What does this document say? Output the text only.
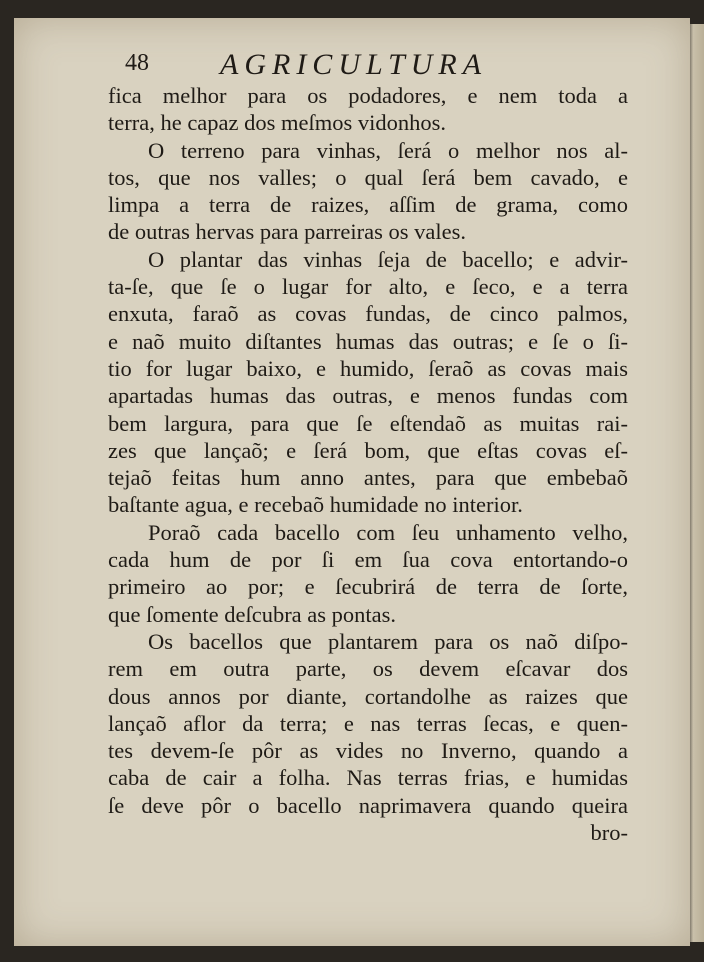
48 AGRICULTURA
fica melhor para os podadores, e nem toda a
terra, he capaz dos meſmos vidonhos.
O terreno para vinhas, ſerá o melhor nos al-
tos, que nos valles; o qual ſerá bem cavado, e
limpa a terra de raizes, aſſim de grama, como
de outras hervas para parreiras os vales.
O plantar das vinhas ſeja de bacello; e advir-
ta-ſe, que ſe o lugar for alto, e ſeco, e a terra
enxuta, faraõ as covas fundas, de cinco palmos,
e naõ muito diſtantes humas das outras; e ſe o ſi-
tio for lugar baixo, e humido, ſeraõ as covas mais
apartadas humas das outras, e menos fundas com
bem largura, para que ſe eſtendaõ as muitas rai-
zes que lançaõ; e ſerá bom, que eſtas covas eſ-
tejaõ feitas hum anno antes, para que embebaõ
baſtante agua, e recebaõ humidade no interior.
Poraõ cada bacello com ſeu unhamento velho,
cada hum de por ſi em ſua cova entortando-o
primeiro ao por; e ſecubrirá de terra de ſorte,
que ſomente deſcubra as pontas.
Os bacellos que plantarem para os naõ diſpo-
rem em outra parte, os devem eſcavar dos
dous annos por diante, cortandolhe as raizes que
lançaõ aflor da terra; e nas terras ſecas, e quen-
tes devem-ſe pôr as vides no Inverno, quando a
caba de cair a folha. Nas terras frias, e humidas
ſe deve pôr o bacello naprimavera quando queira
bro-
